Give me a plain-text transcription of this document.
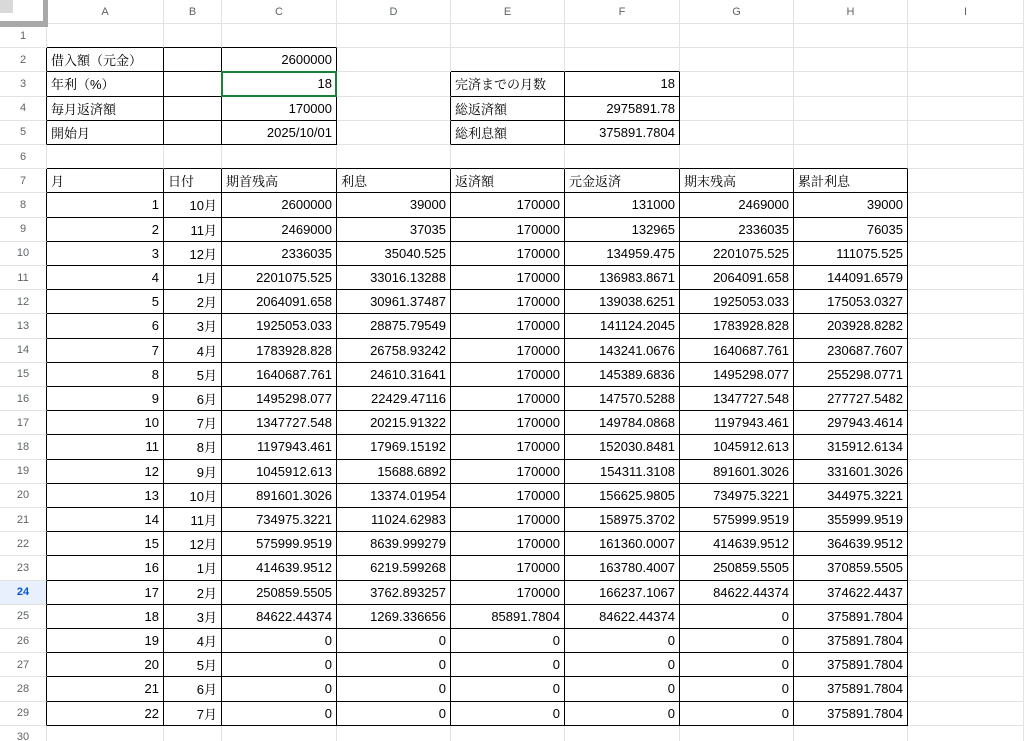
A	B	C	D	E	F	G	H	I
1
2
3
4
5
6
7
8
9
10
11
12
13
14
15
16
17
18
19
20
21
22
23
24
25
26
27
28
29
30
借入額（元金）	2600000
年利（%）	18	完済までの月数	18
毎月返済額	170000	総返済額	2975891.78
開始月	2025/10/01	総利息額	375891.7804
月	日付	期首残高	利息	返済額	元金返済	期末残高	累計利息
1	10月	2600000	39000	170000	131000	2469000	39000
2	11月	2469000	37035	170000	132965	2336035	76035
3	12月	2336035	35040.525	170000	134959.475	2201075.525	111075.525
4	1月	2201075.525	33016.13288	170000	136983.8671	2064091.658	144091.6579
5	2月	2064091.658	30961.37487	170000	139038.6251	1925053.033	175053.0327
6	3月	1925053.033	28875.79549	170000	141124.2045	1783928.828	203928.8282
7	4月	1783928.828	26758.93242	170000	143241.0676	1640687.761	230687.7607
8	5月	1640687.761	24610.31641	170000	145389.6836	1495298.077	255298.0771
9	6月	1495298.077	22429.47116	170000	147570.5288	1347727.548	277727.5482
10	7月	1347727.548	20215.91322	170000	149784.0868	1197943.461	297943.4614
11	8月	1197943.461	17969.15192	170000	152030.8481	1045912.613	315912.6134
12	9月	1045912.613	15688.6892	170000	154311.3108	891601.3026	331601.3026
13	10月	891601.3026	13374.01954	170000	156625.9805	734975.3221	344975.3221
14	11月	734975.3221	11024.62983	170000	158975.3702	575999.9519	355999.9519
15	12月	575999.9519	8639.999279	170000	161360.0007	414639.9512	364639.9512
16	1月	414639.9512	6219.599268	170000	163780.4007	250859.5505	370859.5505
17	2月	250859.5505	3762.893257	170000	166237.1067	84622.44374	374622.4437
18	3月	84622.44374	1269.336656	85891.7804	84622.44374	0	375891.7804
19	4月	0	0	0	0	0	375891.7804
20	5月	0	0	0	0	0	375891.7804
21	6月	0	0	0	0	0	375891.7804
22	7月	0	0	0	0	0	375891.7804
